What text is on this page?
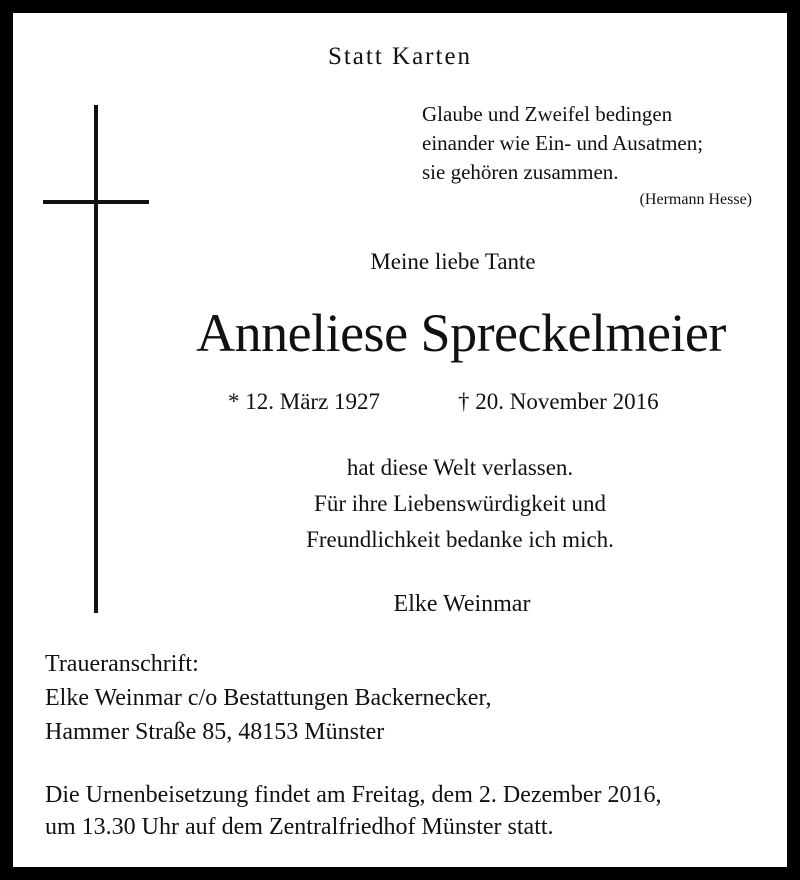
Statt Karten
Glaube und Zweifel bedingen
einander wie Ein- und Ausatmen;
sie gehören zusammen.
(Hermann Hesse)
Meine liebe Tante
Anneliese Spreckelmeier
* 12. März 1927	† 20. November 2016
hat diese Welt verlassen.
Für ihre Liebenswürdigkeit und
Freundlichkeit bedanke ich mich.
Elke Weinmar
Traueranschrift:
Elke Weinmar c/o Bestattungen Backernecker,
Hammer Straße 85, 48153 Münster
Die Urnenbeisetzung findet am Freitag, dem 2. Dezember 2016,
um 13.30 Uhr auf dem Zentralfriedhof Münster statt.
